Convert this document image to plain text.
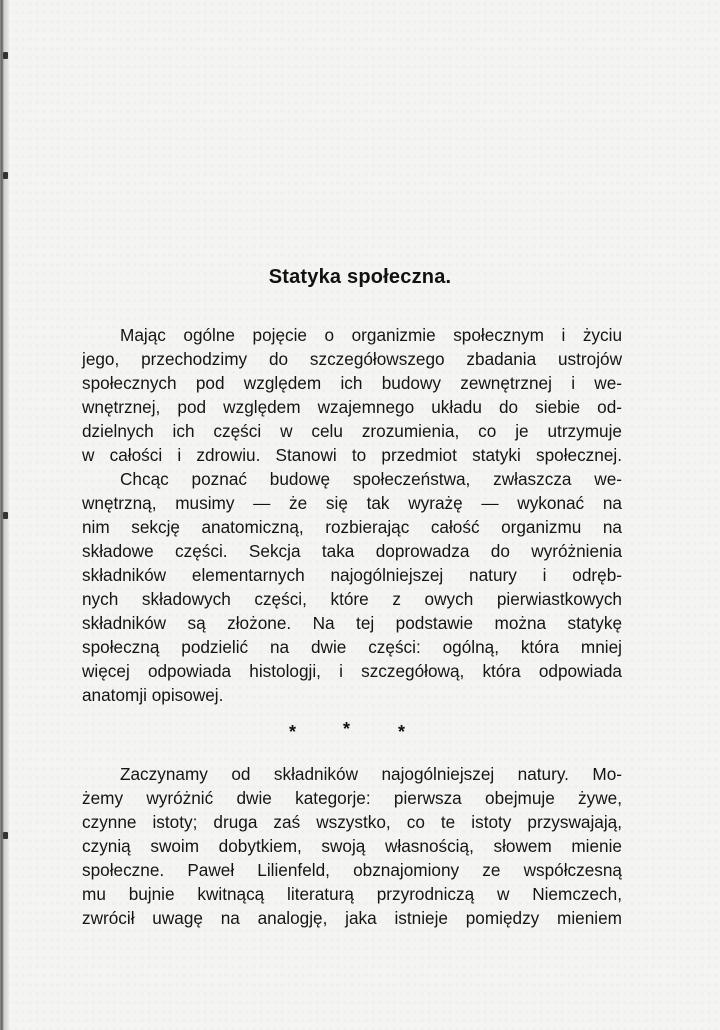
Statyka społeczna.
Mając ogólne pojęcie o organizmie społecznym i życiu
jego, przechodzimy do szczegółowszego zbadania ustrojów
społecznych pod względem ich budowy zewnętrznej i we-
wnętrznej, pod względem wzajemnego układu do siebie od-
dzielnych ich części w celu zrozumienia, co je utrzymuje
w całości i zdrowiu. Stanowi to przedmiot statyki społecznej.
Chcąc poznać budowę społeczeństwa, zwłaszcza we-
wnętrzną, musimy — że się tak wyrażę — wykonać na
nim sekcję anatomiczną, rozbierając całość organizmu na
składowe części. Sekcja taka doprowadza do wyróżnienia
składników elementarnych najogólniejszej natury i odręb-
nych składowych części, które z owych pierwiastkowych
składników są złożone. Na tej podstawie można statykę
społeczną podzielić na dwie części: ogólną, która mniej
więcej odpowiada histologji, i szczegółową, która odpowiada
anatomji opisowej.
*	*	*
Zaczynamy od składników najogólniejszej natury. Mo-
żemy wyróżnić dwie kategorje: pierwsza obejmuje żywe,
czynne istoty; druga zaś wszystko, co te istoty przyswajają,
czynią swoim dobytkiem, swoją własnością, słowem mienie
społeczne. Paweł Lilienfeld, obznajomiony ze współczesną
mu bujnie kwitnącą literaturą przyrodniczą w Niemczech,
zwrócił uwagę na analogję, jaka istnieje pomiędzy mieniem
